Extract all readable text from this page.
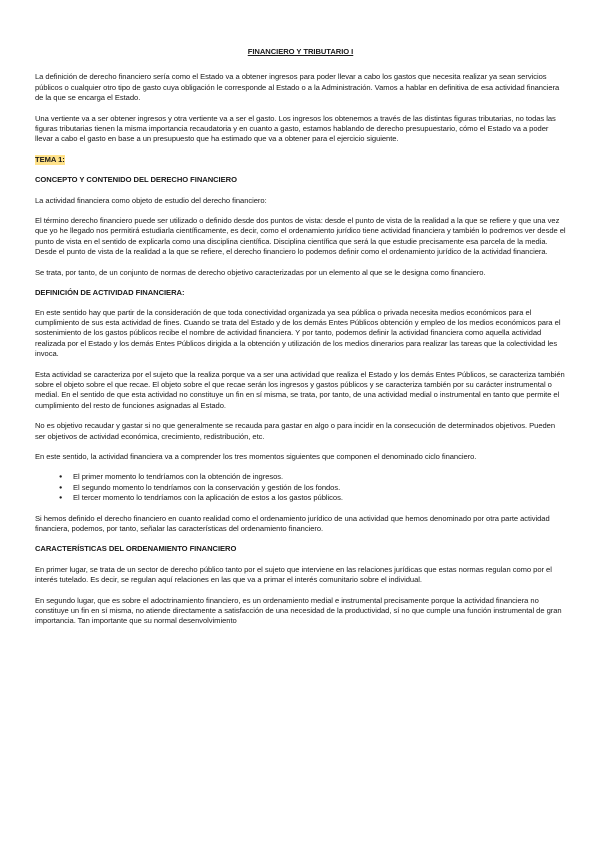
FINANCIERO Y TRIBUTARIO I

La definición de derecho financiero sería como el Estado va a obtener ingresos para poder llevar a cabo los gastos que necesita realizar ya sean servicios públicos o cualquier otro tipo de gasto cuya obligación le corresponde al Estado o a la Administración. Vamos a hablar en definitiva de esa actividad financiera de la que se encarga el Estado.

Una vertiente va a ser obtener ingresos y otra vertiente va a ser el gasto. Los ingresos los obtenemos a través de las distintas figuras tributarias, no todas las figuras tributarias tienen la misma importancia recaudatoria y en cuanto a gasto, estamos hablando de derecho presupuestario, cómo el Estado va a poder llevar a cabo el gasto en base a un presupuesto que ha estimado que va a obtener para el ejercicio siguiente.

TEMA 1:
CONCEPTO Y CONTENIDO DEL DERECHO FINANCIERO

La actividad financiera como objeto de estudio del derecho financiero:

El término derecho financiero puede ser utilizado o definido desde dos puntos de vista: desde el punto de vista de la realidad a la que se refiere y que una vez que yo he llegado nos permitirá estudiarla científicamente, es decir, como el ordenamiento jurídico tiene actividad financiera y también lo podremos ver desde el punto de vista en el sentido de explicarla como una disciplina científica. Disciplina científica que será la que estudie precisamente esa parcela de la media. Desde el punto de vista de la realidad a la que se refiere, el derecho financiero lo podemos definir como el ordenamiento jurídico de la actividad financiera.

Se trata, por tanto, de un conjunto de normas de derecho objetivo caracterizadas por un elemento al que se le designa como financiero.

DEFINICIÓN DE ACTIVIDAD FINANCIERA:

En este sentido hay que partir de la consideración de que toda conectividad organizada ya sea pública o privada necesita medios económicos para el cumplimiento de sus esta actividad de fines. Cuando se trata del Estado y de los demás Entes Públicos obtención y empleo de los medios económicos para el sostenimiento de los gastos públicos recibe el nombre de actividad financiera. Y por tanto, podemos definir la actividad financiera como aquella actividad realizada por el Estado y los demás Entes Públicos dirigida a la obtención y utilización de los medios dinerarios para realizar las tareas que la colectividad les invoca.

Esta actividad se caracteriza por el sujeto que la realiza porque va a ser una actividad que realiza el Estado y los demás Entes Públicos, se caracteriza también sobre el objeto sobre el que recae. El objeto sobre el que recae serán los ingresos y gastos públicos y se caracteriza también por su carácter instrumental o medial. En el sentido de que esta actividad no constituye un fin en sí misma, se trata, por tanto, de una actividad medial o instrumental en tanto que permite el cumplimiento del resto de funciones asignadas al Estado.

No es objetivo recaudar y gastar si no que generalmente se recauda para gastar en algo o para incidir en la consecución de determinados objetivos. Pueden ser objetivos de actividad económica, crecimiento, redistribución, etc.

En este sentido, la actividad financiera va a comprender los tres momentos siguientes que componen el denominado ciclo financiero.

● El primer momento lo tendríamos con la obtención de ingresos.
● El segundo momento lo tendríamos con la conservación y gestión de los fondos.
● El tercer momento lo tendríamos con la aplicación de estos a los gastos públicos.

Si hemos definido el derecho financiero en cuanto realidad como el ordenamiento jurídico de una actividad que hemos denominado por otra parte actividad financiera, podemos, por tanto, señalar las características del ordenamiento financiero.

CARACTERÍSTICAS DEL ORDENAMIENTO FINANCIERO

En primer lugar, se trata de un sector de derecho público tanto por el sujeto que interviene en las relaciones jurídicas que estas normas regulan como por el interés tutelado. Es decir, se regulan aquí relaciones en las que va a primar el interés comunitario sobre el individual.

En segundo lugar, que es sobre el adoctrinamiento financiero, es un ordenamiento medial e instrumental precisamente porque la actividad financiera no constituye un fin en sí misma, no atiende directamente a satisfacción de una necesidad de la productividad, sí no que cumple una función instrumental de gran importancia. Tan importante que su normal desenvolvimiento
